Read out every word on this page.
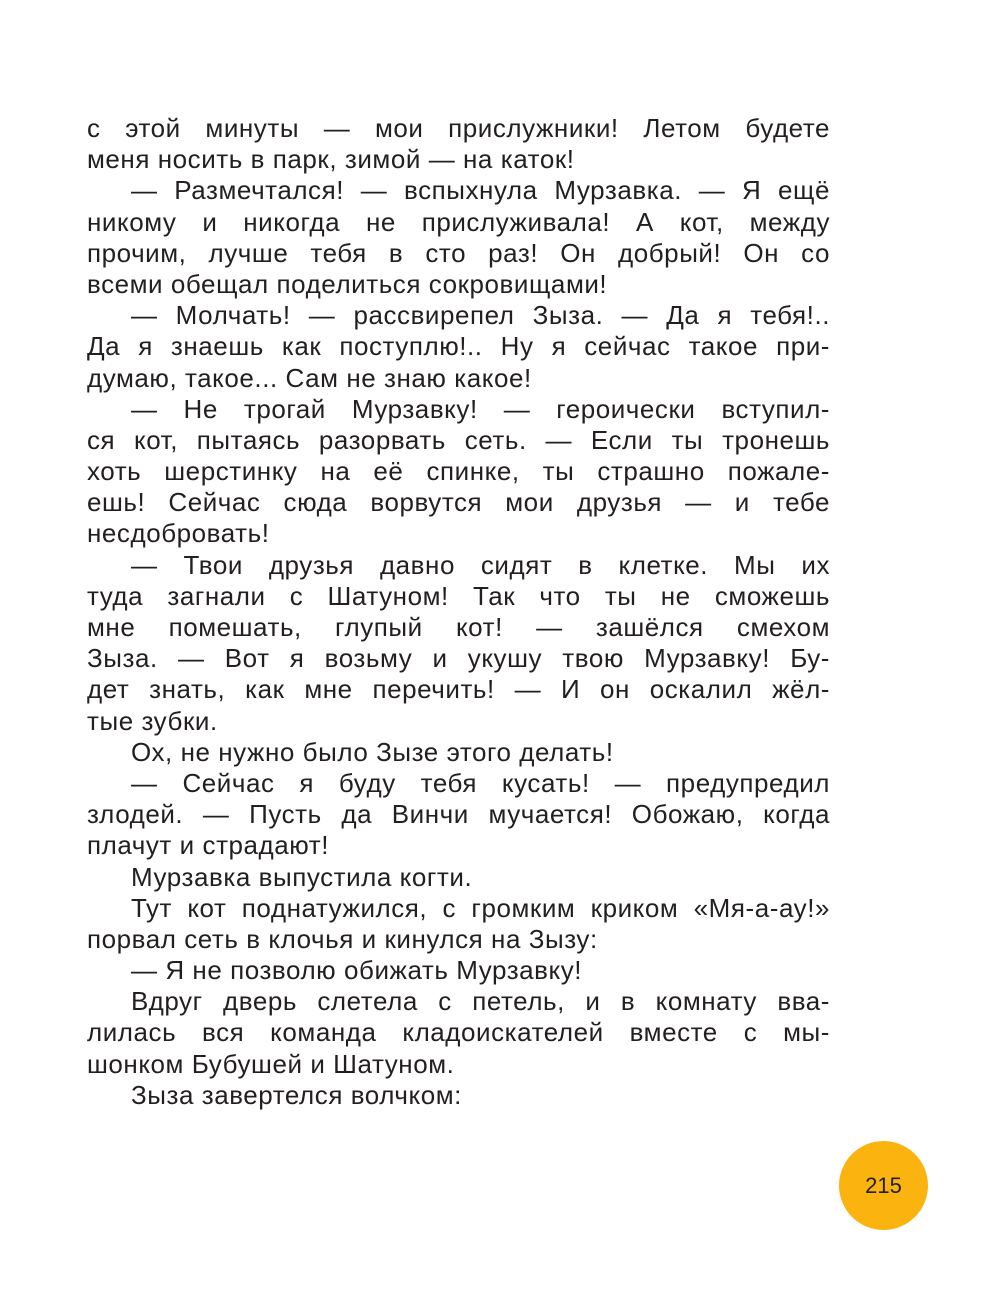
с этой минуты — мои прислужники! Летом будете
меня носить в парк, зимой — на каток!
— Размечтался! — вспыхнула Мурзавка. — Я ещё
никому и никогда не прислуживала! А кот, между
прочим, лучше тебя в сто раз! Он добрый! Он со
всеми обещал поделиться сокровищами!
— Молчать! — рассвирепел Зыза. — Да я тебя!..
Да я знаешь как поступлю!.. Ну я сейчас такое при-
думаю, такое... Сам не знаю какое!
— Не трогай Мурзавку! — героически вступил-
ся кот, пытаясь разорвать сеть. — Если ты тронешь
хоть шерстинку на её спинке, ты страшно пожале-
ешь! Сейчас сюда ворвутся мои друзья — и тебе
несдобровать!
— Твои друзья давно сидят в клетке. Мы их
туда загнали с Шатуном! Так что ты не сможешь
мне помешать, глупый кот! — зашёлся смехом
Зыза. — Вот я возьму и укушу твою Мурзавку! Бу-
дет знать, как мне перечить! — И он оскалил жёл-
тые зубки.
Ох, не нужно было Зызе этого делать!
— Сейчас я буду тебя кусать! — предупредил
злодей. — Пусть да Винчи мучается! Обожаю, когда
плачут и страдают!
Мурзавка выпустила когти.
Тут кот поднатужился, с громким криком «Мя-а-ау!»
порвал сеть в клочья и кинулся на Зызу:
— Я не позволю обижать Мурзавку!
Вдруг дверь слетела с петель, и в комнату вва-
лилась вся команда кладоискателей вместе с мы-
шонком Бубушей и Шатуном.
Зыза завертелся волчком:
215
